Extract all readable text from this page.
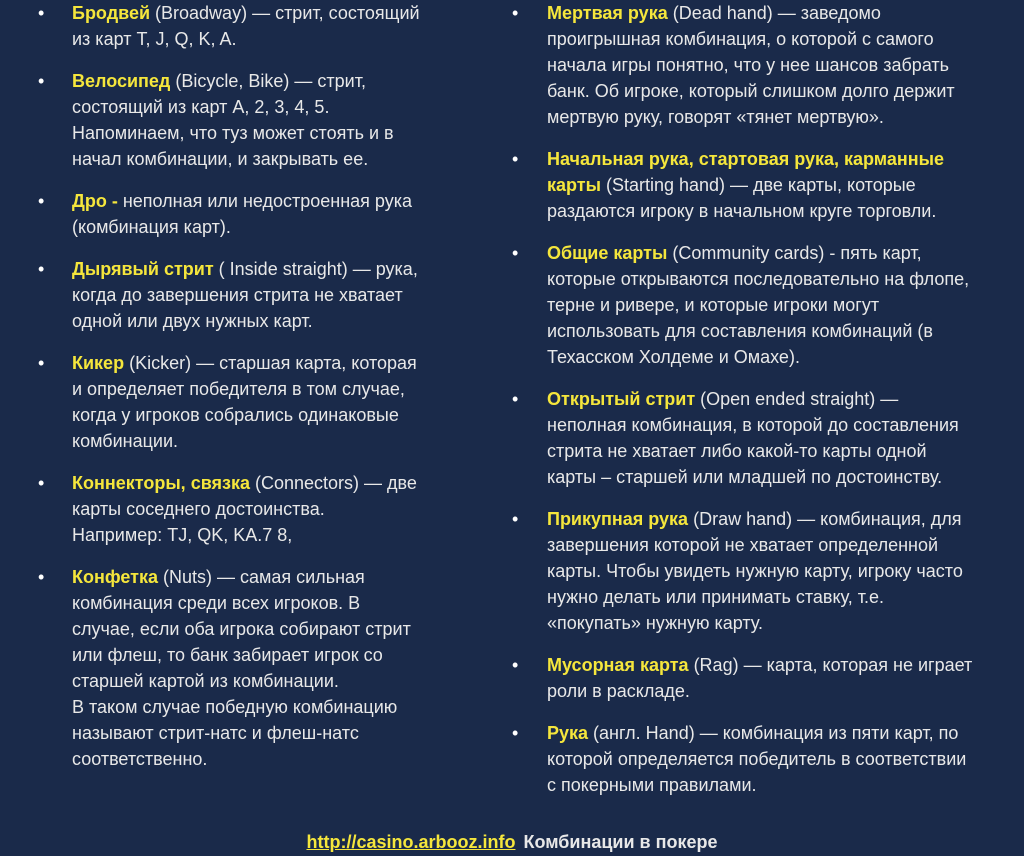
• Бродвей (Broadway) — стрит, состоящий
из карт T, J, Q, K, A.
• Велосипед (Bicycle, Bike) — стрит,
состоящий из карт A, 2, 3, 4, 5.
Напоминаем, что туз может стоять и в
начал комбинации, и закрывать ее.
• Дро - неполная или недостроенная рука
(комбинация карт).
• Дырявый стрит ( Inside straight) — рука,
когда до завершения стрита не хватает
одной или двух нужных карт.
• Кикер (Kicker) — старшая карта, которая
и определяет победителя в том случае,
когда у игроков собрались одинаковые
комбинации.
• Коннекторы, связка (Connectors) — две
карты соседнего достоинства.
Например: TJ, QK, KA.7 8,
• Конфетка (Nuts) — самая сильная
комбинация среди всех игроков. В
случае, если оба игрока собирают стрит
или флеш, то банк забирает игрок со
старшей картой из комбинации.
В таком случае победную комбинацию
называют стрит-натс и флеш-натс
соответственно.
• Мертвая рука (Dead hand) — заведомо
проигрышная комбинация, о которой с самого
начала игры понятно, что у нее шансов забрать
банк. Об игроке, который слишком долго держит
мертвую руку, говорят «тянет мертвую».
• Начальная рука, стартовая рука, карманные
карты (Starting hand) — две карты, которые
раздаются игроку в начальном круге торговли.
• Общие карты (Community cards) - пять карт,
которые открываются последовательно на флопе,
терне и ривере, и которые игроки могут
использовать для составления комбинаций (в
Техасском Холдеме и Омахе).
• Открытый стрит (Open ended straight) —
неполная комбинация, в которой до составления
стрита не хватает либо какой-то карты одной
карты – старшей или младшей по достоинству.
• Прикупная рука (Draw hand) — комбинация, для
завершения которой не хватает определенной
карты. Чтобы увидеть нужную карту, игроку часто
нужно делать или принимать ставку, т.е.
«покупать» нужную карту.
• Мусорная карта (Rag) — карта, которая не играет
роли в раскладе.
• Рука (англ. Hand) — комбинация из пяти карт, по
которой определяется победитель в соответствии
с покерными правилами.
http://casino.arbooz.info Комбинации в покере
